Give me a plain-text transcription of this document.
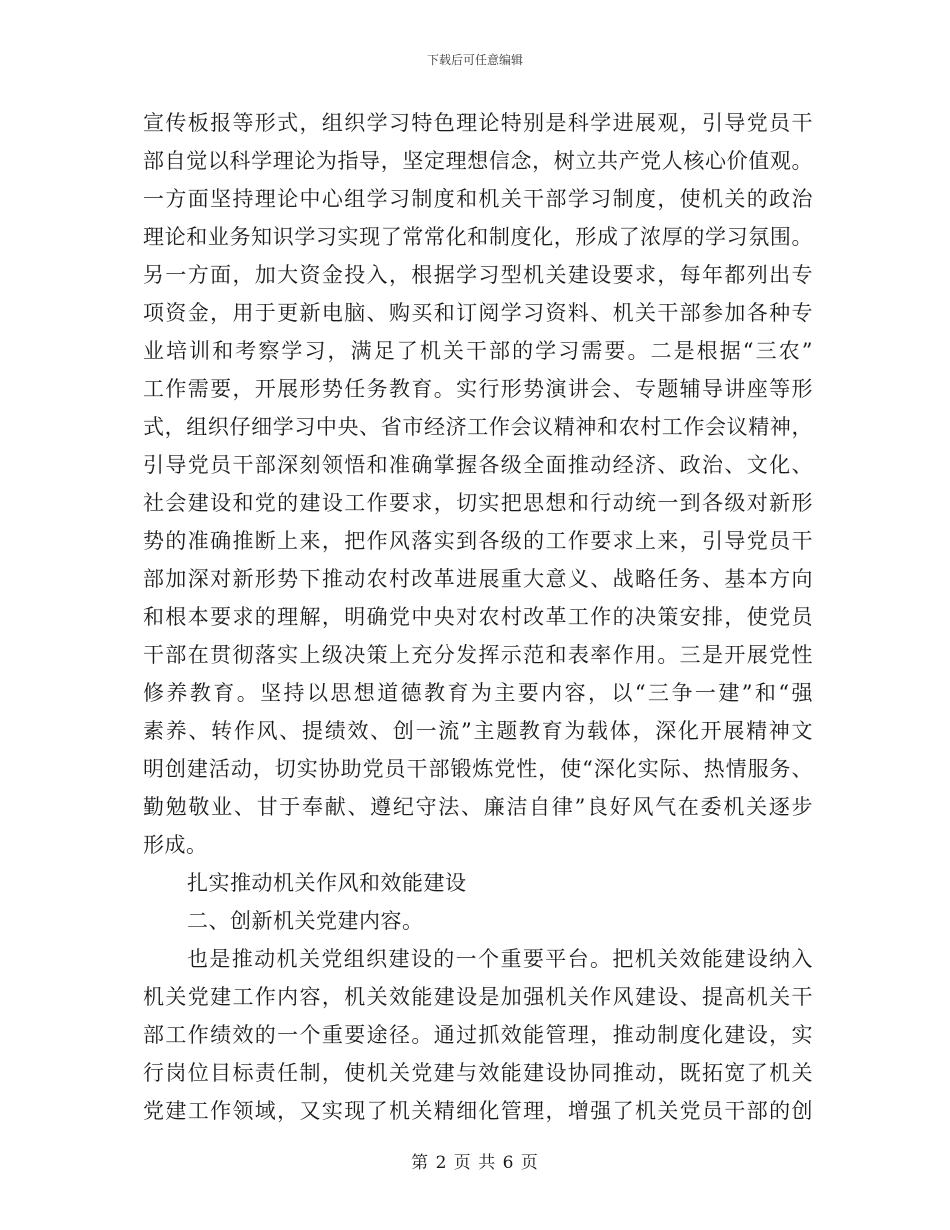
下载后可任意编辑
宣传板报等形式，组织学习特色理论特别是科学进展观，引导党员干
部自觉以科学理论为指导，坚定理想信念，树立共产党人核心价值观。
一方面坚持理论中心组学习制度和机关干部学习制度，使机关的政治
理论和业务知识学习实现了常常化和制度化，形成了浓厚的学习氛围。
另一方面，加大资金投入，根据学习型机关建设要求，每年都列出专
项资金，用于更新电脑、购买和订阅学习资料、机关干部参加各种专
业培训和考察学习，满足了机关干部的学习需要。二是根据“三农”
工作需要，开展形势任务教育。实行形势演讲会、专题辅导讲座等形
式，组织仔细学习中央、省市经济工作会议精神和农村工作会议精神，
引导党员干部深刻领悟和准确掌握各级全面推动经济、政治、文化、
社会建设和党的建设工作要求，切实把思想和行动统一到各级对新形
势的准确推断上来，把作风落实到各级的工作要求上来，引导党员干
部加深对新形势下推动农村改革进展重大意义、战略任务、基本方向
和根本要求的理解，明确党中央对农村改革工作的决策安排，使党员
干部在贯彻落实上级决策上充分发挥示范和表率作用。三是开展党性
修养教育。坚持以思想道德教育为主要内容，以“三争一建”和“强
素养、转作风、提绩效、创一流”主题教育为载体，深化开展精神文
明创建活动，切实协助党员干部锻炼党性，使“深化实际、热情服务、
勤勉敬业、甘于奉献、遵纪守法、廉洁自律”良好风气在委机关逐步
形成。
扎实推动机关作风和效能建设
二、创新机关党建内容。
也是推动机关党组织建设的一个重要平台。把机关效能建设纳入
机关党建工作内容，机关效能建设是加强机关作风建设、提高机关干
部工作绩效的一个重要途径。通过抓效能管理，推动制度化建设，实
行岗位目标责任制，使机关党建与效能建设协同推动，既拓宽了机关
党建工作领域，又实现了机关精细化管理，增强了机关党员干部的创
第 2 页 共 6 页
